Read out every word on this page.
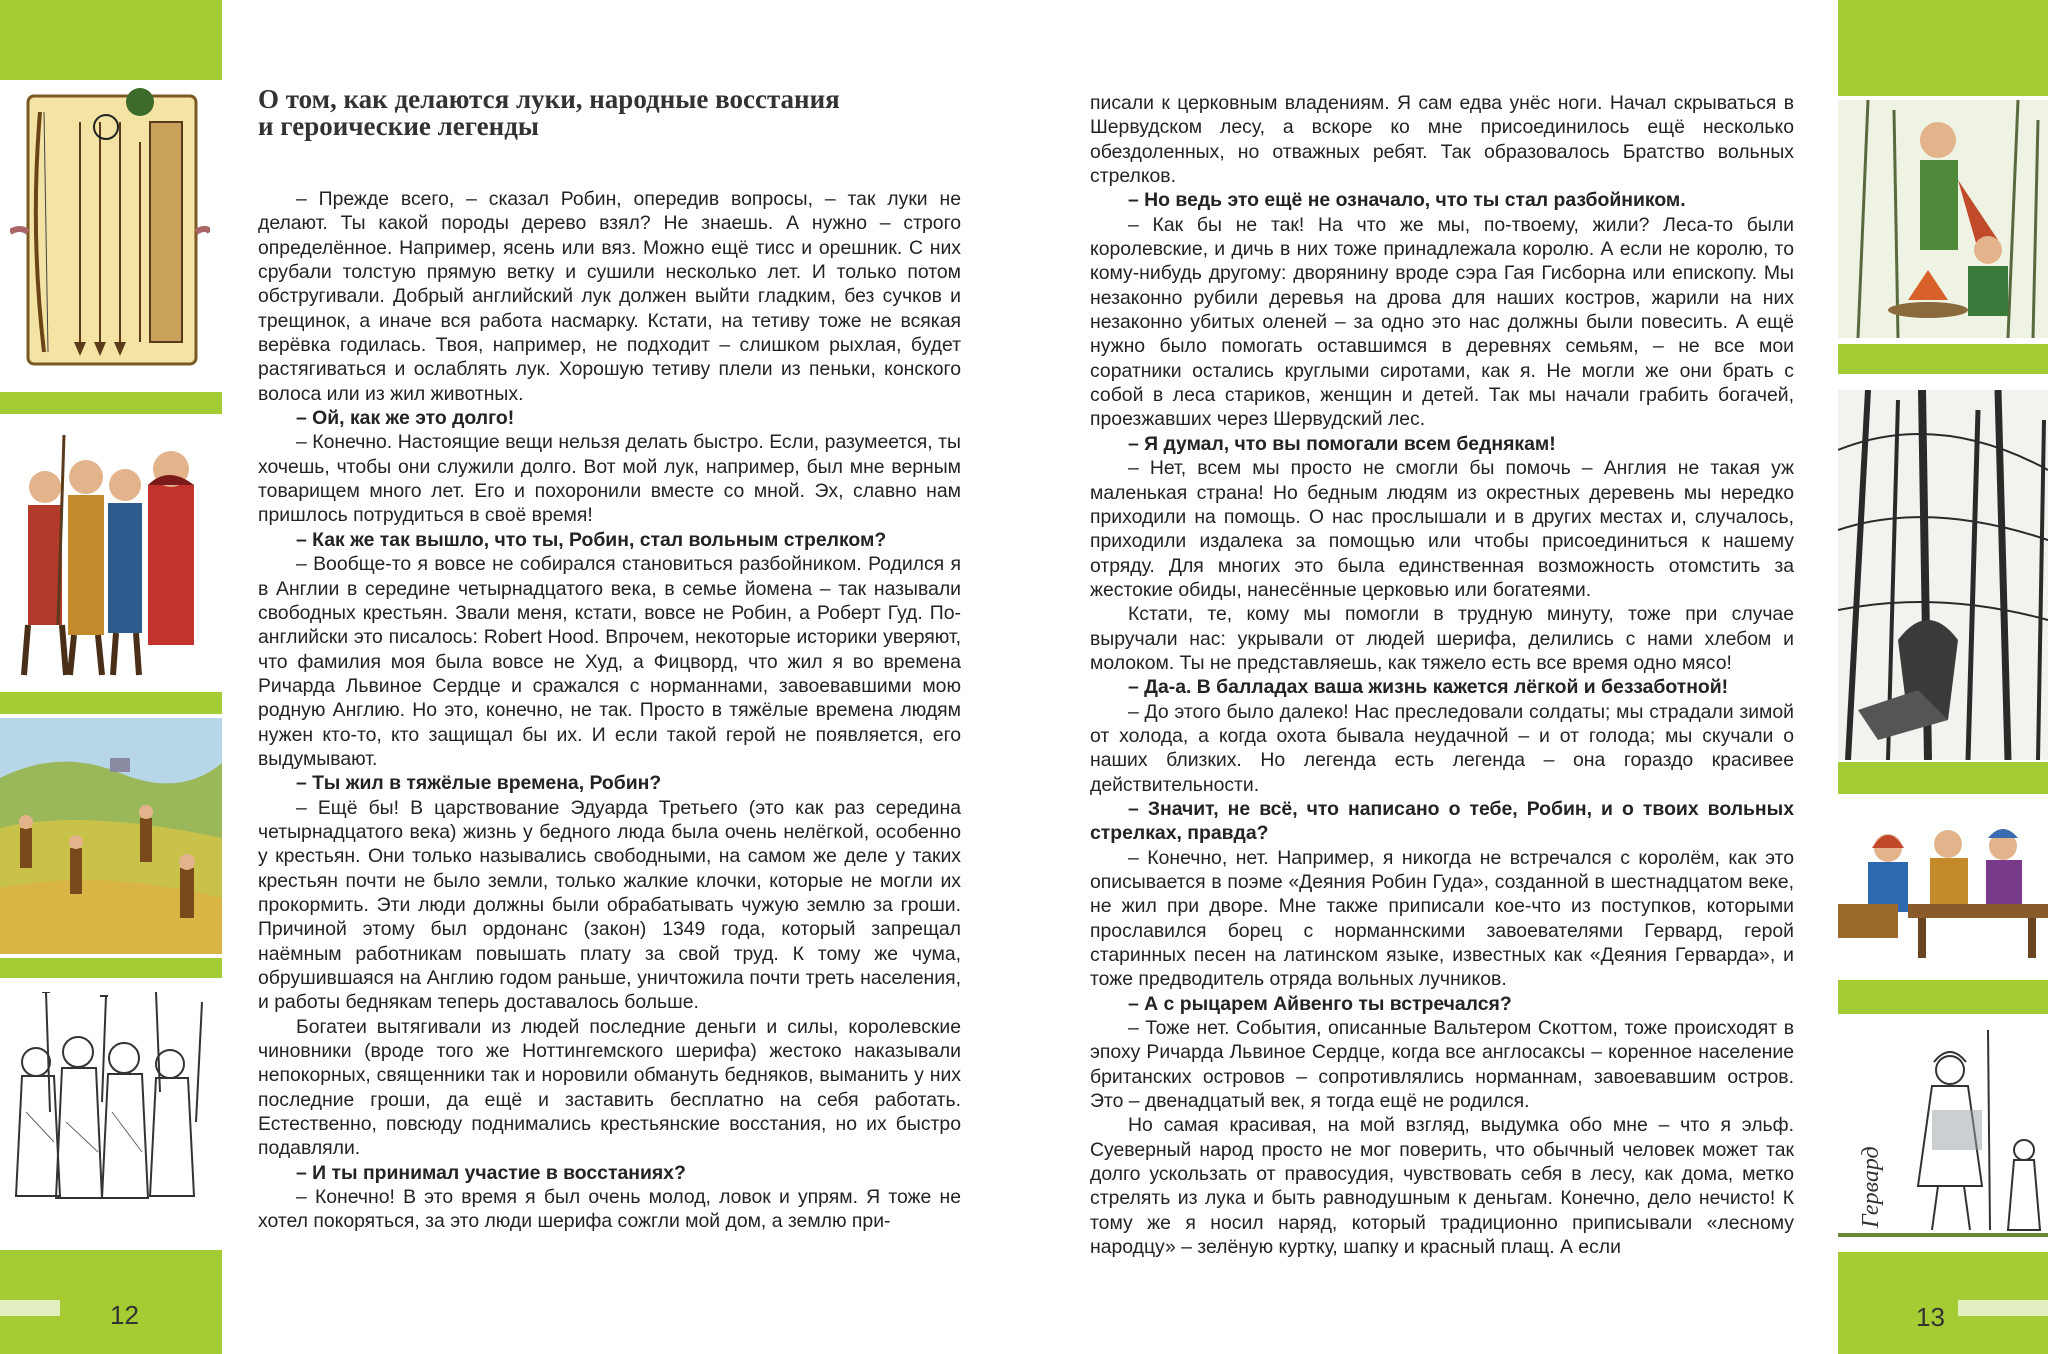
12
О том, как делаются луки, народные восстания
и героические легенды

– Прежде всего, – сказал Робин, опередив вопросы, – так луки не делают. Ты какой породы дерево взял? Не знаешь. А нужно – строго определённое. Например, ясень или вяз. Можно ещё тисс и орешник. С них срубали толстую прямую ветку и сушили несколько лет. И только потом обстругивали. Добрый английский лук должен выйти гладким, без сучков и трещинок, а иначе вся работа насмарку. Кстати, на тетиву тоже не всякая верёвка годилась. Твоя, например, не подходит – слишком рыхлая, будет растягиваться и ослаблять лук. Хорошую тетиву плели из пеньки, конского волоса или из жил животных.

– Ой, как же это долго!

– Конечно. Настоящие вещи нельзя делать быстро. Если, разумеется, ты хочешь, чтобы они служили долго. Вот мой лук, например, был мне верным товарищем много лет. Его и похоронили вместе со мной. Эх, славно нам пришлось потрудиться в своё время!

– Как же так вышло, что ты, Робин, стал вольным стрелком?

– Вообще-то я вовсе не собирался становиться разбойником. Родился я в Англии в середине четырнадцатого века, в семье йомена – так называли свободных крестьян. Звали меня, кстати, вовсе не Робин, а Роберт Гуд. По-английски это писалось: Robert Hood. Впрочем, некоторые историки уверяют, что фамилия моя была вовсе не Худ, а Фицворд, что жил я во времена Ричарда Львиное Сердце и сражался с норманнами, завоевавшими мою родную Англию. Но это, конечно, не так. Просто в тяжёлые времена людям нужен кто-то, кто защищал бы их. И если такой герой не появляется, его выдумывают.

– Ты жил в тяжёлые времена, Робин?

– Ещё бы! В царствование Эдуарда Третьего (это как раз середина четырнадцатого века) жизнь у бедного люда была очень нелёгкой, особенно у крестьян. Они только назывались свободными, на самом же деле у таких крестьян почти не было земли, только жалкие клочки, которые не могли их прокормить. Эти люди должны были обрабатывать чужую землю за гроши. Причиной этому был ордонанс (закон) 1349 года, который запрещал наёмным работникам повышать плату за свой труд. К тому же чума, обрушившаяся на Англию годом раньше, уничтожила почти треть населения, и работы беднякам теперь доставалось больше.

Богатеи вытягивали из людей последние деньги и силы, королевские чиновники (вроде того же Ноттингемского шерифа) жестоко наказывали непокорных, священники так и норовили обмануть бедняков, выманить у них последние гроши, да ещё и заставить бесплатно на себя работать. Естественно, повсюду поднимались крестьянские восстания, но их быстро подавляли.

– И ты принимал участие в восстаниях?

– Конечно! В это время я был очень молод, ловок и упрям. Я тоже не хотел покоряться, за это люди шерифа сожгли мой дом, а землю при-

писали к церковным владениям. Я сам едва унёс ноги. Начал скрываться в Шервудском лесу, а вскоре ко мне присоединилось ещё несколько обездоленных, но отважных ребят. Так образовалось Братство вольных стрелков.

– Но ведь это ещё не означало, что ты стал разбойником.

– Как бы не так! На что же мы, по-твоему, жили? Леса-то были королевские, и дичь в них тоже принадлежала королю. А если не королю, то кому-нибудь другому: дворянину вроде сэра Гая Гисборна или епископу. Мы незаконно рубили деревья на дрова для наших костров, жарили на них незаконно убитых оленей – за одно это нас должны были повесить. А ещё нужно было помогать оставшимся в деревнях семьям, – не все мои соратники остались круглыми сиротами, как я. Не могли же они брать с собой в леса стариков, женщин и детей. Так мы начали грабить богачей, проезжавших через Шервудский лес.

– Я думал, что вы помогали всем беднякам!

– Нет, всем мы просто не смогли бы помочь – Англия не такая уж маленькая страна! Но бедным людям из окрестных деревень мы нередко приходили на помощь. О нас прослышали и в других местах и, случалось, приходили издалека за помощью или чтобы присоединиться к нашему отряду. Для многих это была единственная возможность отомстить за жестокие обиды, нанесённые церковью или богатеями.

Кстати, те, кому мы помогли в трудную минуту, тоже при случае выручали нас: укрывали от людей шерифа, делились с нами хлебом и молоком. Ты не представляешь, как тяжело есть все время одно мясо!

– Да-а. В балладах ваша жизнь кажется лёгкой и беззаботной!

– До этого было далеко! Нас преследовали солдаты; мы страдали зимой от холода, а когда охота бывала неудачной – и от голода; мы скучали о наших близких. Но легенда есть легенда – она гораздо красивее действительности.

– Значит, не всё, что написано о тебе, Робин, и о твоих вольных стрелках, правда?

– Конечно, нет. Например, я никогда не встречался с королём, как это описывается в поэме «Деяния Робин Гуда», созданной в шестнадцатом веке, не жил при дворе. Мне также приписали кое-что из поступков, которыми прославился борец с норманнскими завоевателями Гервард, герой старинных песен на латинском языке, известных как «Деяния Герварда», и тоже предводитель отряда вольных лучников.

– А с рыцарем Айвенго ты встречался?

– Тоже нет. События, описанные Вальтером Скоттом, тоже происходят в эпоху Ричарда Львиное Сердце, когда все англосаксы – коренное население британских островов – сопротивлялись норманнам, завоевавшим остров. Это – двенадцатый век, я тогда ещё не родился.

Но самая красивая, на мой взгляд, выдумка обо мне – что я эльф. Суеверный народ просто не мог поверить, что обычный человек может так долго ускользать от правосудия, чувствовать себя в лесу, как дома, метко стрелять из лука и быть равнодушным к деньгам. Конечно, дело нечисто! К тому же я носил наряд, который традиционно приписывали «лесному народцу» – зелёную куртку, шапку и красный плащ. А если

Гервард
13
